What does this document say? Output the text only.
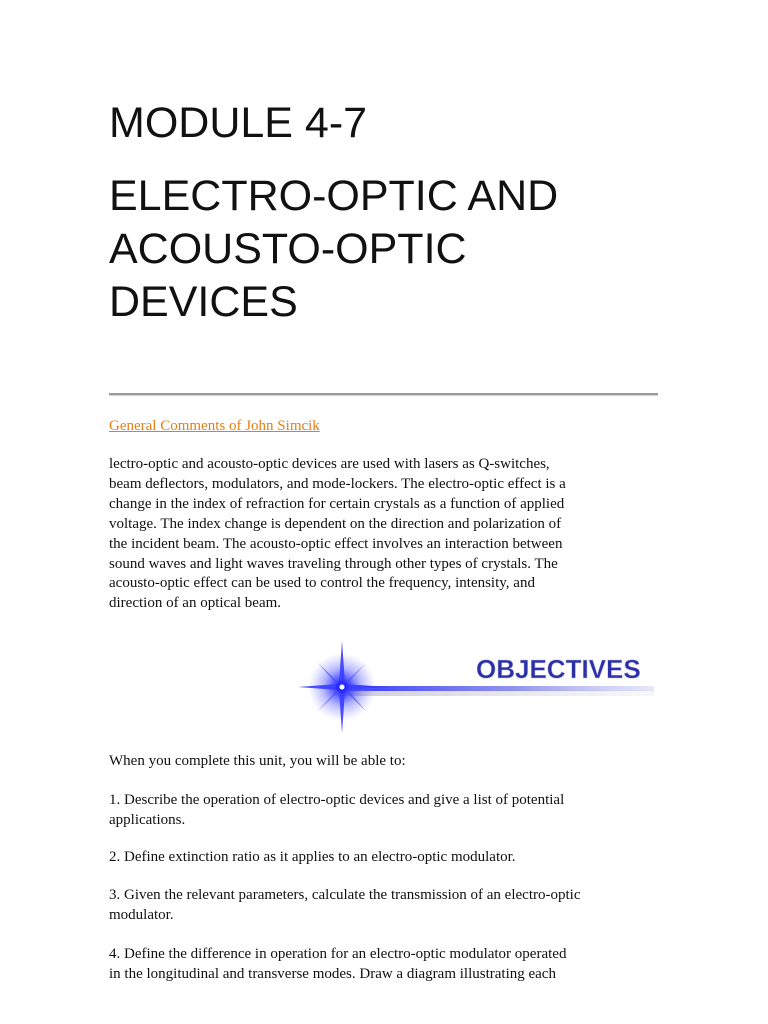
MODULE 4-7
ELECTRO-OPTIC AND
ACOUSTO-OPTIC
DEVICES
General Comments of John Simcik

lectro-optic and acousto-optic devices are used with lasers as Q-switches,
beam deflectors, modulators, and mode-lockers. The electro-optic effect is a
change in the index of refraction for certain crystals as a function of applied
voltage. The index change is dependent on the direction and polarization of
the incident beam. The acousto-optic effect involves an interaction between
sound waves and light waves traveling through other types of crystals. The
acousto-optic effect can be used to control the frequency, intensity, and
direction of an optical beam.

OBJECTIVES

When you complete this unit, you will be able to:

1. Describe the operation of electro-optic devices and give a list of potential
applications.

2. Define extinction ratio as it applies to an electro-optic modulator.

3. Given the relevant parameters, calculate the transmission of an electro-optic
modulator.

4. Define the difference in operation for an electro-optic modulator operated
in the longitudinal and transverse modes. Draw a diagram illustrating each
